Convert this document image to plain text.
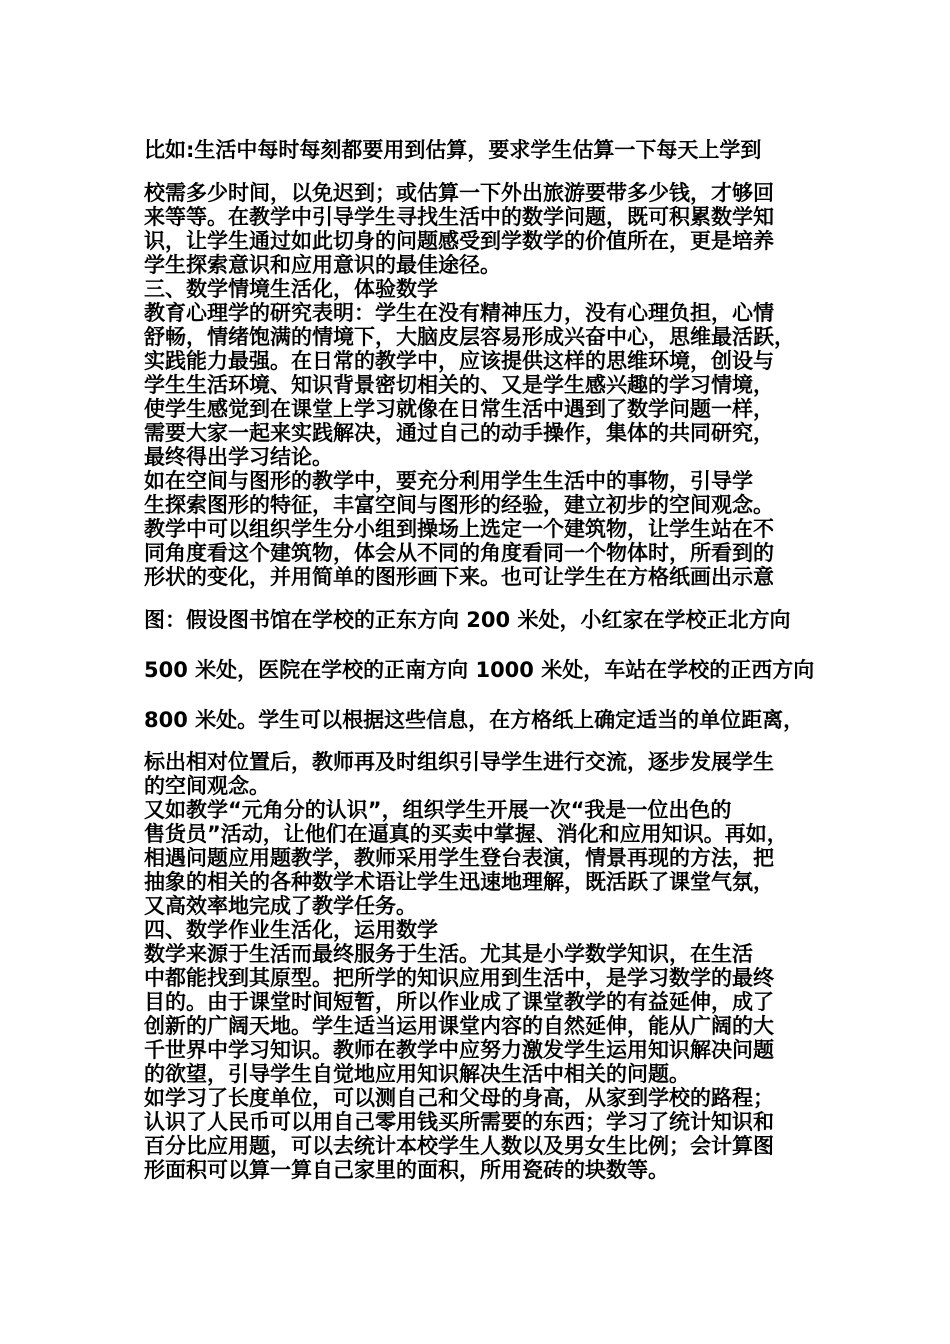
比如:生活中每时每刻都要用到估算，要求学生估算一下每天上学到
校需多少时间，以免迟到；或估算一下外出旅游要带多少钱，才够回
来等等。在教学中引导学生寻找生活中的数学问题，既可积累数学知
识，让学生通过如此切身的问题感受到学数学的价值所在，更是培养
学生探索意识和应用意识的最佳途径。
三、数学情境生活化，体验数学
教育心理学的研究表明：学生在没有精神压力，没有心理负担，心情
舒畅，情绪饱满的情境下，大脑皮层容易形成兴奋中心，思维最活跃，
实践能力最强。在日常的教学中，应该提供这样的思维环境，创设与
学生生活环境、知识背景密切相关的、又是学生感兴趣的学习情境，
使学生感觉到在课堂上学习就像在日常生活中遇到了数学问题一样，
需要大家一起来实践解决，通过自己的动手操作，集体的共同研究，
最终得出学习结论。
如在空间与图形的教学中，要充分利用学生生活中的事物，引导学
生探索图形的特征，丰富空间与图形的经验，建立初步的空间观念。
教学中可以组织学生分小组到操场上选定一个建筑物，让学生站在不
同角度看这个建筑物，体会从不同的角度看同一个物体时，所看到的
形状的变化，并用简单的图形画下来。也可让学生在方格纸画出示意
图：假设图书馆在学校的正东方向 200 米处，小红家在学校正北方向
500 米处，医院在学校的正南方向 1000 米处，车站在学校的正西方向
800 米处。学生可以根据这些信息，在方格纸上确定适当的单位距离，
标出相对位置后，教师再及时组织引导学生进行交流，逐步发展学生
的空间观念。
又如教学“元角分的认识”，组织学生开展一次“我是一位出色的
售货员”活动，让他们在逼真的买卖中掌握、消化和应用知识。再如，
相遇问题应用题教学，教师采用学生登台表演，情景再现的方法，把
抽象的相关的各种数学术语让学生迅速地理解，既活跃了课堂气氛，
又高效率地完成了教学任务。
四、数学作业生活化，运用数学
数学来源于生活而最终服务于生活。尤其是小学数学知识，在生活
中都能找到其原型。把所学的知识应用到生活中，是学习数学的最终
目的。由于课堂时间短暂，所以作业成了课堂教学的有益延伸，成了
创新的广阔天地。学生适当运用课堂内容的自然延伸，能从广阔的大
千世界中学习知识。教师在教学中应努力激发学生运用知识解决问题
的欲望，引导学生自觉地应用知识解决生活中相关的问题。
如学习了长度单位，可以测自己和父母的身高，从家到学校的路程；
认识了人民币可以用自己零用钱买所需要的东西；学习了统计知识和
百分比应用题，可以去统计本校学生人数以及男女生比例；会计算图
形面积可以算一算自己家里的面积，所用瓷砖的块数等。
